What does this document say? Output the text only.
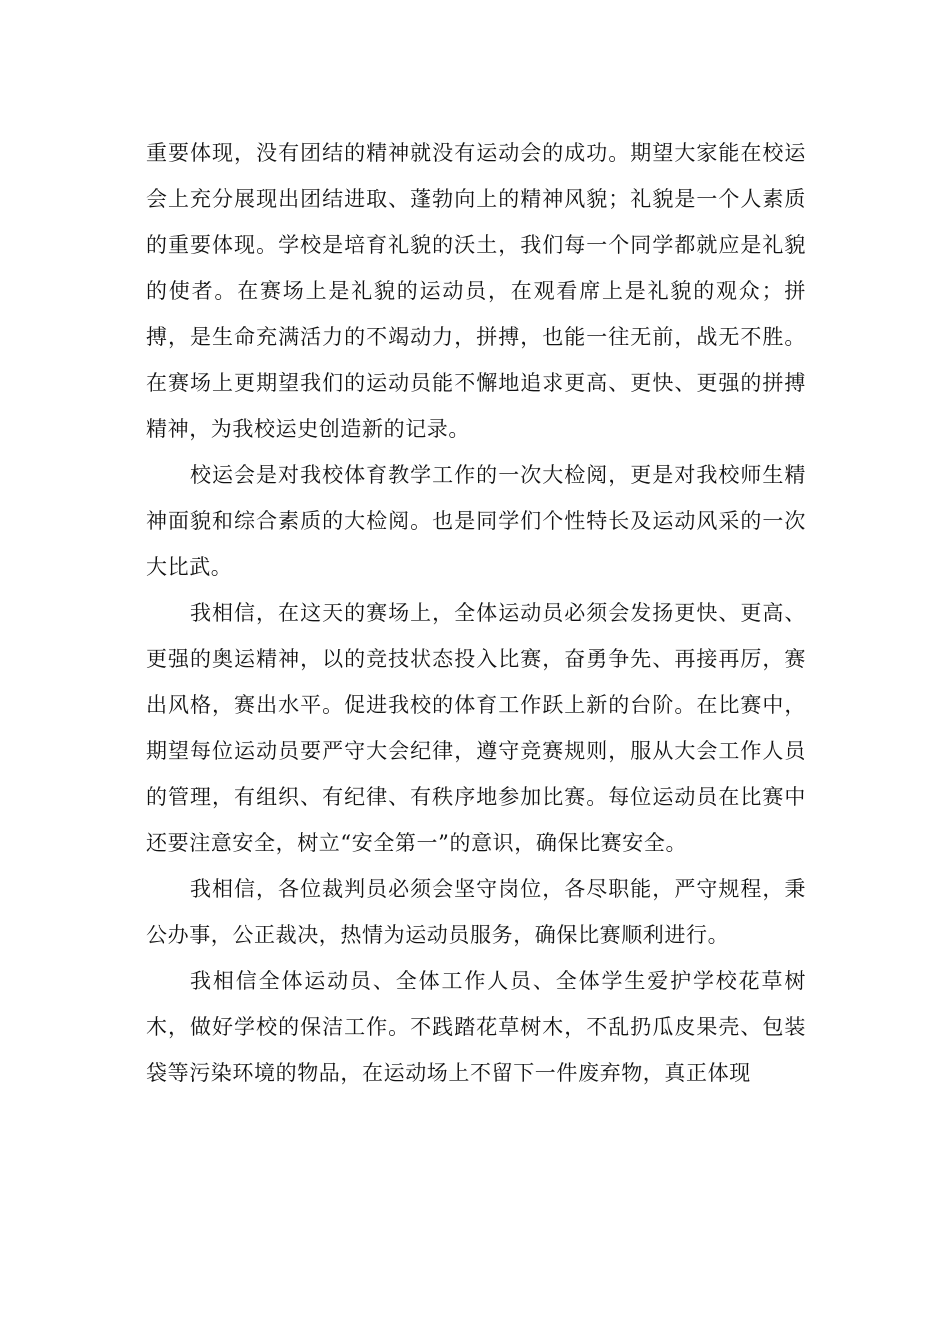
重要体现，没有团结的精神就没有运动会的成功。期望大家能在校运会上充分展现出团结进取、蓬勃向上的精神风貌；礼貌是一个人素质的重要体现。学校是培育礼貌的沃土，我们每一个同学都就应是礼貌的使者。在赛场上是礼貌的运动员，在观看席上是礼貌的观众；拼搏，是生命充满活力的不竭动力，拼搏，也能一往无前，战无不胜。在赛场上更期望我们的运动员能不懈地追求更高、更快、更强的拼搏精神，为我校运史创造新的记录。

校运会是对我校体育教学工作的一次大检阅，更是对我校师生精神面貌和综合素质的大检阅。也是同学们个性特长及运动风采的一次大比武。

我相信，在这天的赛场上，全体运动员必须会发扬更快、更高、更强的奥运精神，以的竞技状态投入比赛，奋勇争先、再接再厉，赛出风格，赛出水平。促进我校的体育工作跃上新的台阶。在比赛中，期望每位运动员要严守大会纪律，遵守竞赛规则，服从大会工作人员的管理，有组织、有纪律、有秩序地参加比赛。每位运动员在比赛中还要注意安全，树立“安全第一”的意识，确保比赛安全。

我相信，各位裁判员必须会坚守岗位，各尽职能，严守规程，秉公办事，公正裁决，热情为运动员服务，确保比赛顺利进行。

我相信全体运动员、全体工作人员、全体学生爱护学校花草树木，做好学校的保洁工作。不践踏花草树木，不乱扔瓜皮果壳、包装袋等污染环境的物品，在运动场上不留下一件废弃物，真正体现
